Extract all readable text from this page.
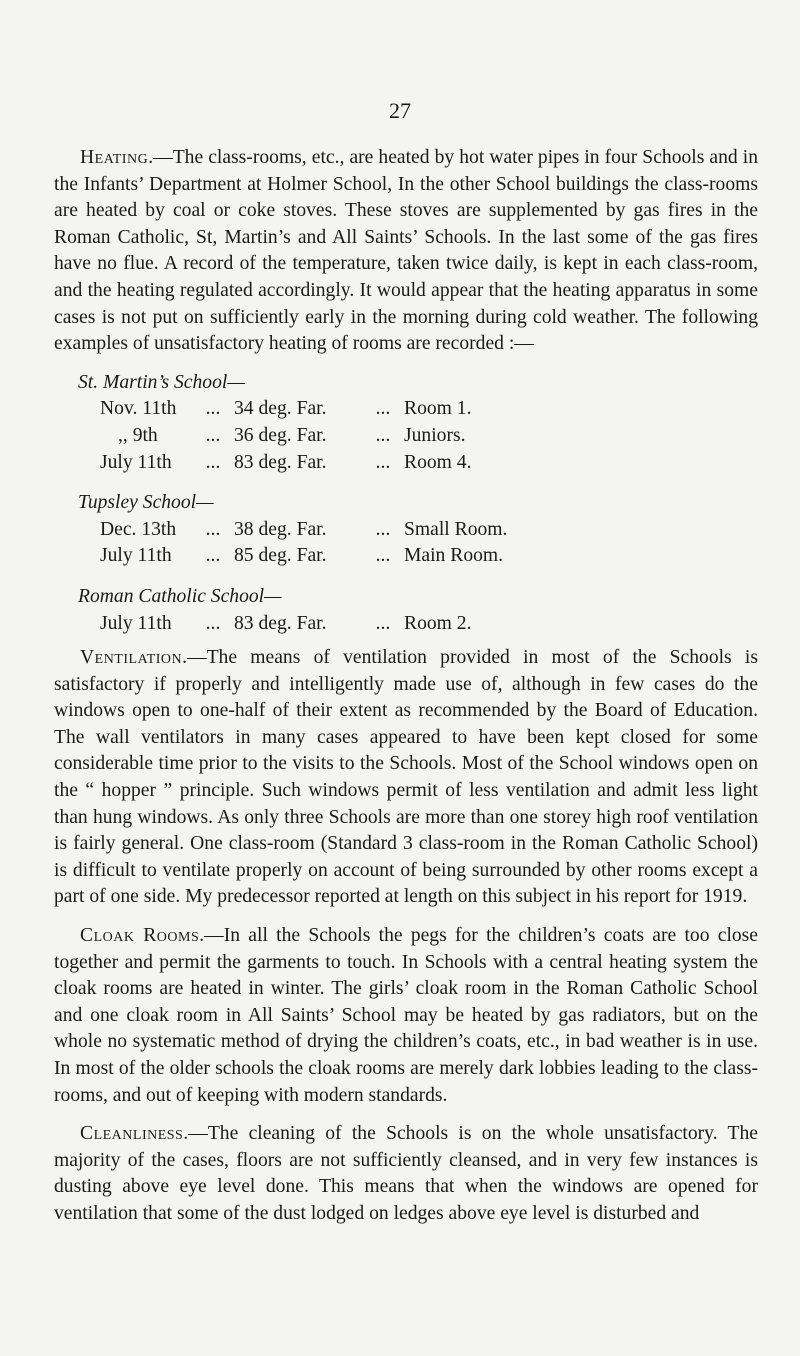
27

Heating.—The class-rooms, etc., are heated by hot water pipes in four Schools and in the Infants’ Department at Holmer School, In the other School buildings the class-rooms are heated by coal or coke stoves. These stoves are supplemented by gas fires in the Roman Catholic, St, Martin’s and All Saints’ Schools. In the last some of the gas fires have no flue. A record of the temperature, taken twice daily, is kept in each class-room, and the heating regulated accordingly. It would appear that the heating apparatus in some cases is not put on sufficiently early in the morning during cold weather. The following examples of unsatisfactory heating of rooms are recorded :—

St. Martin’s School—
Nov. 11th	...	34 deg. Far.	...	Room 1.
,, 9th	...	36 deg. Far.	...	Juniors.
July 11th	...	83 deg. Far.	...	Room 4.
Tupsley School—
Dec. 13th	...	38 deg. Far.	...	Small Room.
July 11th	...	85 deg. Far.	...	Main Room.
Roman Catholic School—
July 11th	...	83 deg. Far.	...	Room 2.

Ventilation.—The means of ventilation provided in most of the Schools is satisfactory if properly and intelligently made use of, although in few cases do the windows open to one-half of their extent as recommended by the Board of Education. The wall ventilators in many cases appeared to have been kept closed for some considerable time prior to the visits to the Schools. Most of the School windows open on the “ hopper ” principle. Such windows permit of less ventilation and admit less light than hung windows. As only three Schools are more than one storey high roof ventilation is fairly general. One class-room (Standard 3 class-room in the Roman Catholic School) is difficult to ventilate properly on account of being surrounded by other rooms except a part of one side. My predecessor reported at length on this subject in his report for 1919.

Cloak Rooms.—In all the Schools the pegs for the children’s coats are too close together and permit the garments to touch. In Schools with a central heating system the cloak rooms are heated in winter. The girls’ cloak room in the Roman Catholic School and one cloak room in All Saints’ School may be heated by gas radiators, but on the whole no systematic method of drying the children’s coats, etc., in bad weather is in use. In most of the older schools the cloak rooms are merely dark lobbies leading to the class-rooms, and out of keeping with modern standards.

Cleanliness.—The cleaning of the Schools is on the whole unsatisfactory. The majority of the cases, floors are not sufficiently cleansed, and in very few instances is dusting above eye level done. This means that when the windows are opened for ventilation that some of the dust lodged on ledges above eye level is disturbed and
